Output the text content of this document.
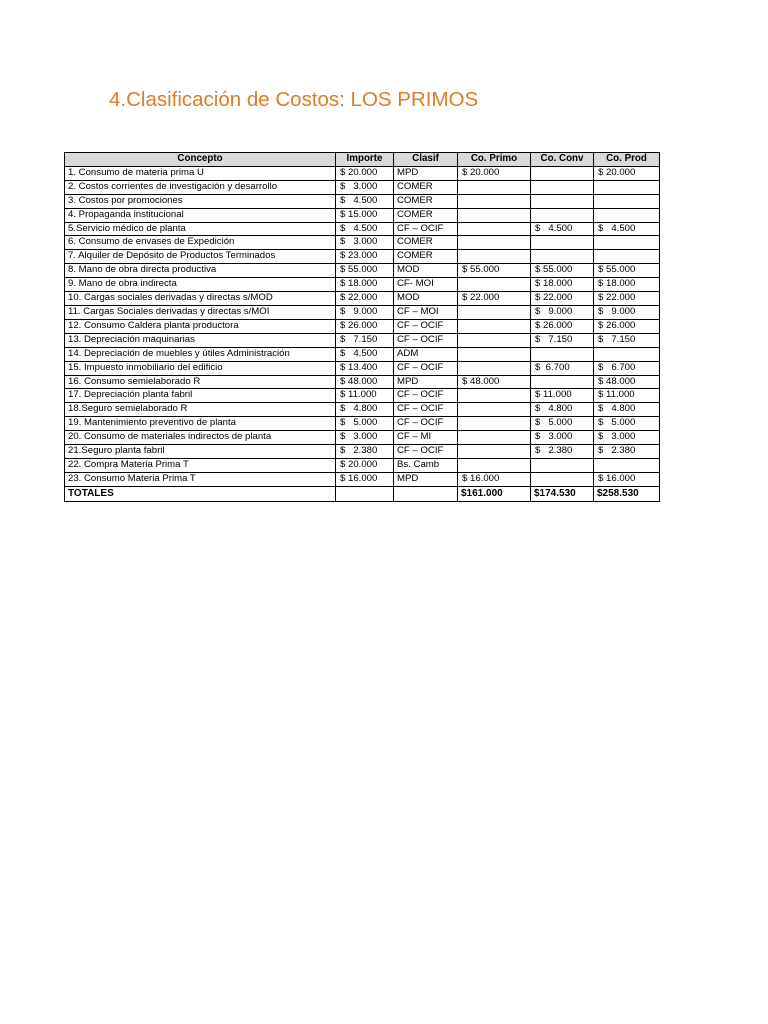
4.Clasificación de Costos: LOS PRIMOS
Concepto	Importe	Clasif	Co. Primo	Co. Conv	Co. Prod
1. Consumo de materia prima U	$ 20.000	MPD	$ 20.000		$ 20.000
2. Costos corrientes de investigación y desarrollo	$   3.000	COMER			
3. Costos por promociones	$   4.500	COMER			
4. Propaganda institucional	$ 15.000	COMER			
5.Servicio médico de planta	$   4.500	CF – OCIF		$   4.500	$   4.500
6. Consumo de envases de Expedición	$   3.000	COMER			
7. Alquiler de Depósito de Productos Terminados	$ 23.000	COMER			
8. Mano de obra directa productiva	$ 55.000	MOD	$ 55.000	$ 55.000	$ 55.000
9. Mano de obra indirecta	$ 18.000	CF- MOI		$ 18.000	$ 18.000
10. Cargas sociales derivadas y directas s/MOD	$ 22.000	MOD	$ 22.000	$ 22.000	$ 22.000
11. Cargas Sociales derivadas y directas s/MOI	$   9.000	CF – MOI		$   9.000	$   9.000
12. Consumo Caldera planta productora	$ 26.000	CF – OCIF		$ 26.000	$ 26.000
13. Depreciación maquinarias	$   7.150	CF – OCIF		$   7.150	$   7.150
14. Depreciación de muebles y útiles Administración	$   4.500	ADM			
15. Impuesto inmobiliario del edificio	$ 13.400	CF – OCIF		$  6.700	$   6.700
16. Consumo semielaborado R	$ 48.000	MPD	$ 48.000		$ 48.000
17. Depreciación planta fabril	$ 11.000	CF – OCIF		$ 11.000	$ 11.000
18.Seguro semielaborado R	$   4.800	CF – OCIF		$   4.800	$   4.800
19. Mantenimiento preventivo de planta	$   5.000	CF – OCIF		$   5.000	$   5.000
20. Consumo de materiales indirectos de planta	$   3.000	CF – MI		$   3.000	$   3.000
21.Seguro planta fabril	$   2.380	CF – OCIF		$   2.380	$   2.380
22. Compra Materia Prima T	$ 20.000	Bs. Camb			
23. Consumo Materia Prima T	$ 16.000	MPD	$ 16.000		$ 16.000
TOTALES			$161.000	$174.530	$258.530
